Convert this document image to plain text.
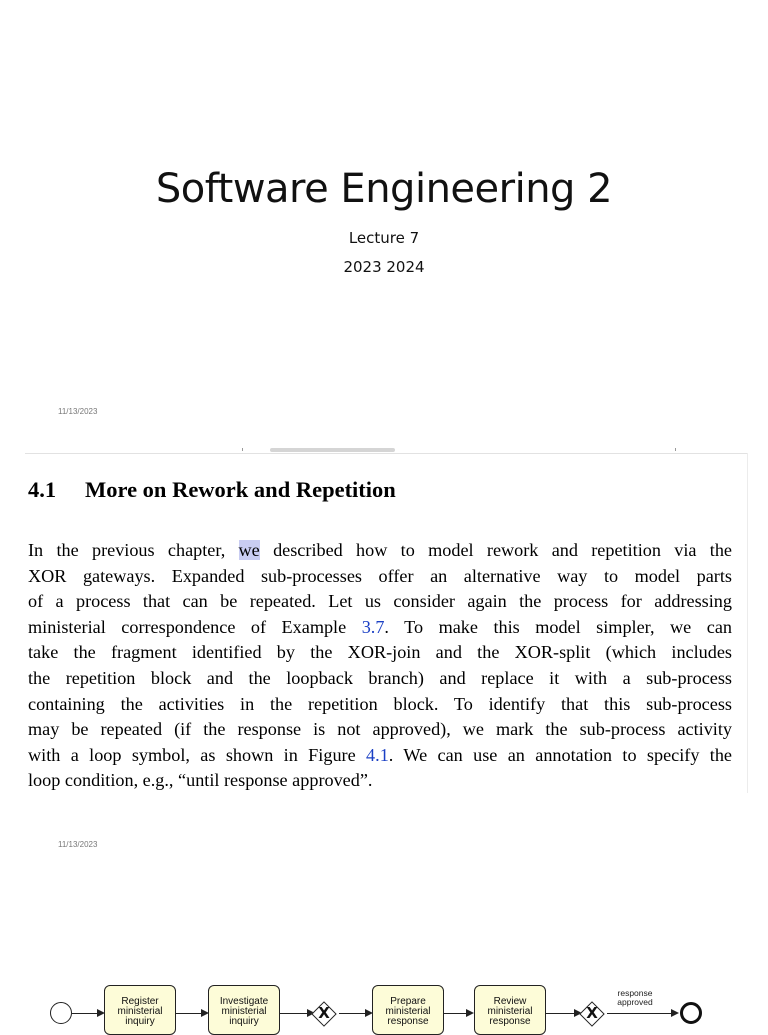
Software Engineering 2
Lecture 7
2023 2024
11/13/2023
4.1 More on Rework and Repetition
In the previous chapter, we described how to model rework and repetition via the
XOR gateways. Expanded sub-processes offer an alternative way to model parts
of a process that can be repeated. Let us consider again the process for addressing
ministerial correspondence of Example 3.7. To make this model simpler, we can
take the fragment identified by the XOR-join and the XOR-split (which includes
the repetition block and the loopback branch) and replace it with a sub-process
containing the activities in the repetition block. To identify that this sub-process
may be repeated (if the response is not approved), we mark the sub-process activity
with a loop symbol, as shown in Figure 4.1. We can use an annotation to specify the
loop condition, e.g., “until response approved”.
11/13/2023
Register
ministerial
inquiry
Investigate
ministerial
inquiry	X
Prepare
ministerial
response
Review
ministerial
response	X
response
approved
